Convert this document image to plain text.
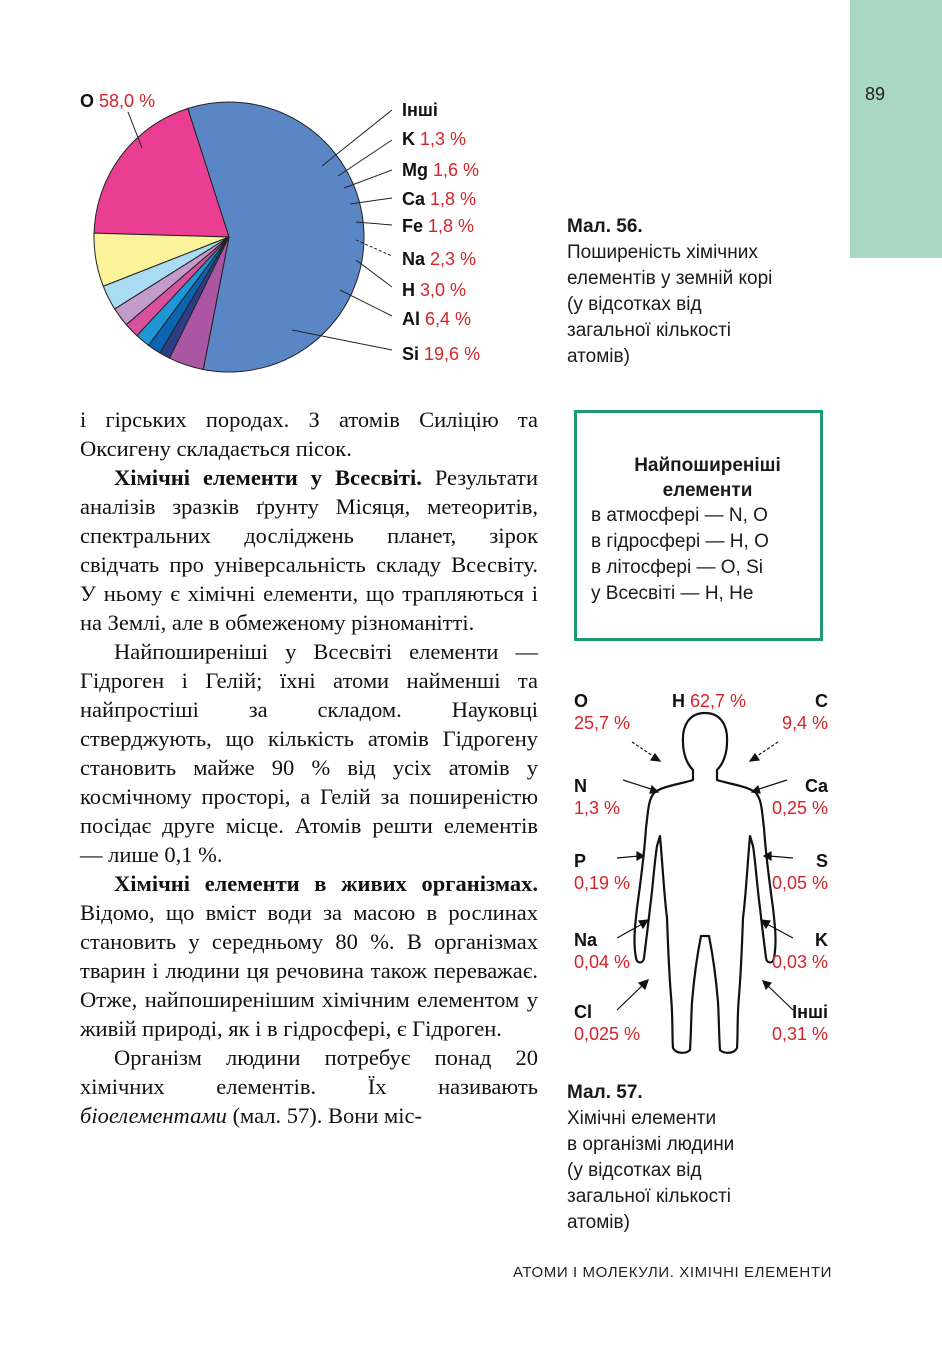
89
O 58,0 %	Інші
K 1,3 %
Mg 1,6 %
Ca 1,8 %
Fe 1,8 %
Na 2,3 %
H 3,0 %
Al 6,4 %
Si 19,6 %
Мал. 56.
Поширеність хімічних
елементів у земній корі
(у відсотках від
загальної кількості
атомів)

і гірських породах. З атомів Силіцію та Оксигену складається пісок.

Хімічні елементи у Всесвіті. Результати аналізів зразків ґрунту Місяця, метеоритів, спектральних досліджень планет, зірок свідчать про універсальність складу Всесвіту. У ньому є хімічні елементи, що трапляються і на Землі, але в обмеженому різноманітті.

Найпоширеніші у Всесвіті елементи — Гідроген і Гелій; їхні атоми найменші та найпростіші за складом. Науковці стверджують, що кількість атомів Гідрогену становить майже 90 % від усіх атомів у космічному просторі, а Гелій за поширеністю посідає друге місце. Атомів решти елементів — лише 0,1 %.

Хімічні елементи в живих організмах. Відомо, що вміст води за масою в рослинах становить у середньому 80 %. В організмах тварин і людини ця речовина також переважає. Отже, найпоширенішим хімічним елементом у живій природі, як і в гідросфері, є Гідроген.

Організм людини потребує понад 20 хімічних елементів. Їх називають біоелементами (мал. 57). Вони міс-

Найпоширеніші елементи
в атмосфері — N, O
в гідросфері — H, O
в літосфері — O, Si
у Всесвіті — H, He
O
25,7 %
H 62,7 %	C
9,4 %
N
1,3 %
Ca
0,25 %
P
0,19 %
S
0,05 %
Na
0,04 %
K
0,03 %
Cl
0,025 %
Інші
0,31 %
Мал. 57.
Хімічні елементи
в організмі людини
(у відсотках від
загальної кількості
атомів)
АТОМИ І МОЛЕКУЛИ. ХІМІЧНІ ЕЛЕМЕНТИ
